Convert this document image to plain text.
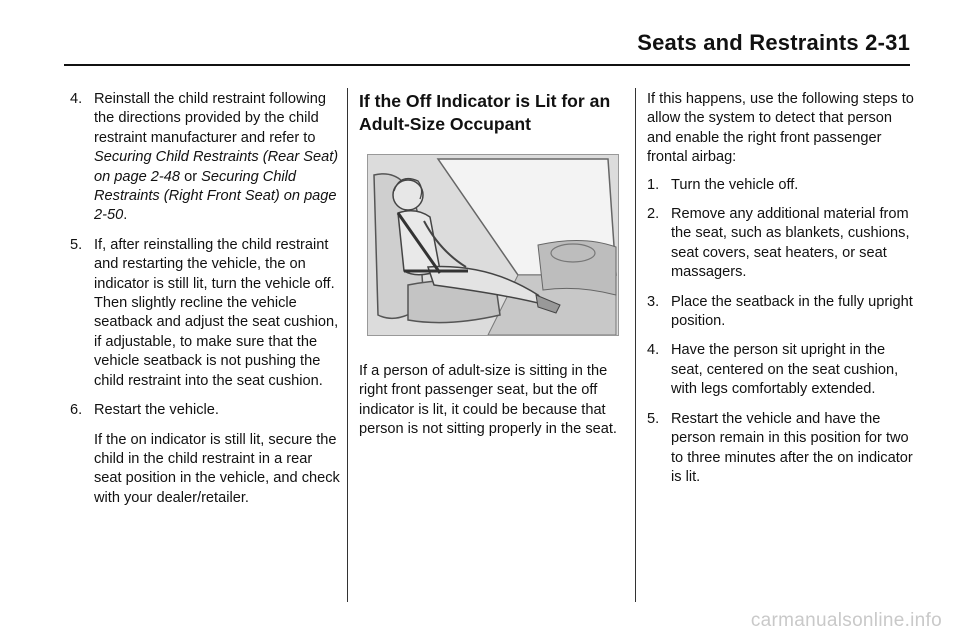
Seats and Restraints 2-31
4. Reinstall the child restraint following the directions provided by the child restraint manufacturer and refer to Securing Child Restraints (Rear Seat) on page 2-48 or Securing Child Restraints (Right Front Seat) on page 2-50.
5. If, after reinstalling the child restraint and restarting the vehicle, the on indicator is still lit, turn the vehicle off. Then slightly recline the vehicle seatback and adjust the seat cushion, if adjustable, to make sure that the vehicle seatback is not pushing the child restraint into the seat cushion.
6. Restart the vehicle.
If the on indicator is still lit, secure the child in the child restraint in a rear seat position in the vehicle, and check with your dealer/retailer.
If the Off Indicator is Lit for an Adult-Size Occupant
If a person of adult-size is sitting in the right front passenger seat, but the off indicator is lit, it could be because that person is not sitting properly in the seat.
If this happens, use the following steps to allow the system to detect that person and enable the right front passenger frontal airbag:
1. Turn the vehicle off.
2. Remove any additional material from the seat, such as blankets, cushions, seat covers, seat heaters, or seat massagers.
3. Place the seatback in the fully upright position.
4. Have the person sit upright in the seat, centered on the seat cushion, with legs comfortably extended.
5. Restart the vehicle and have the person remain in this position for two to three minutes after the on indicator is lit.
carmanualsonline.info
